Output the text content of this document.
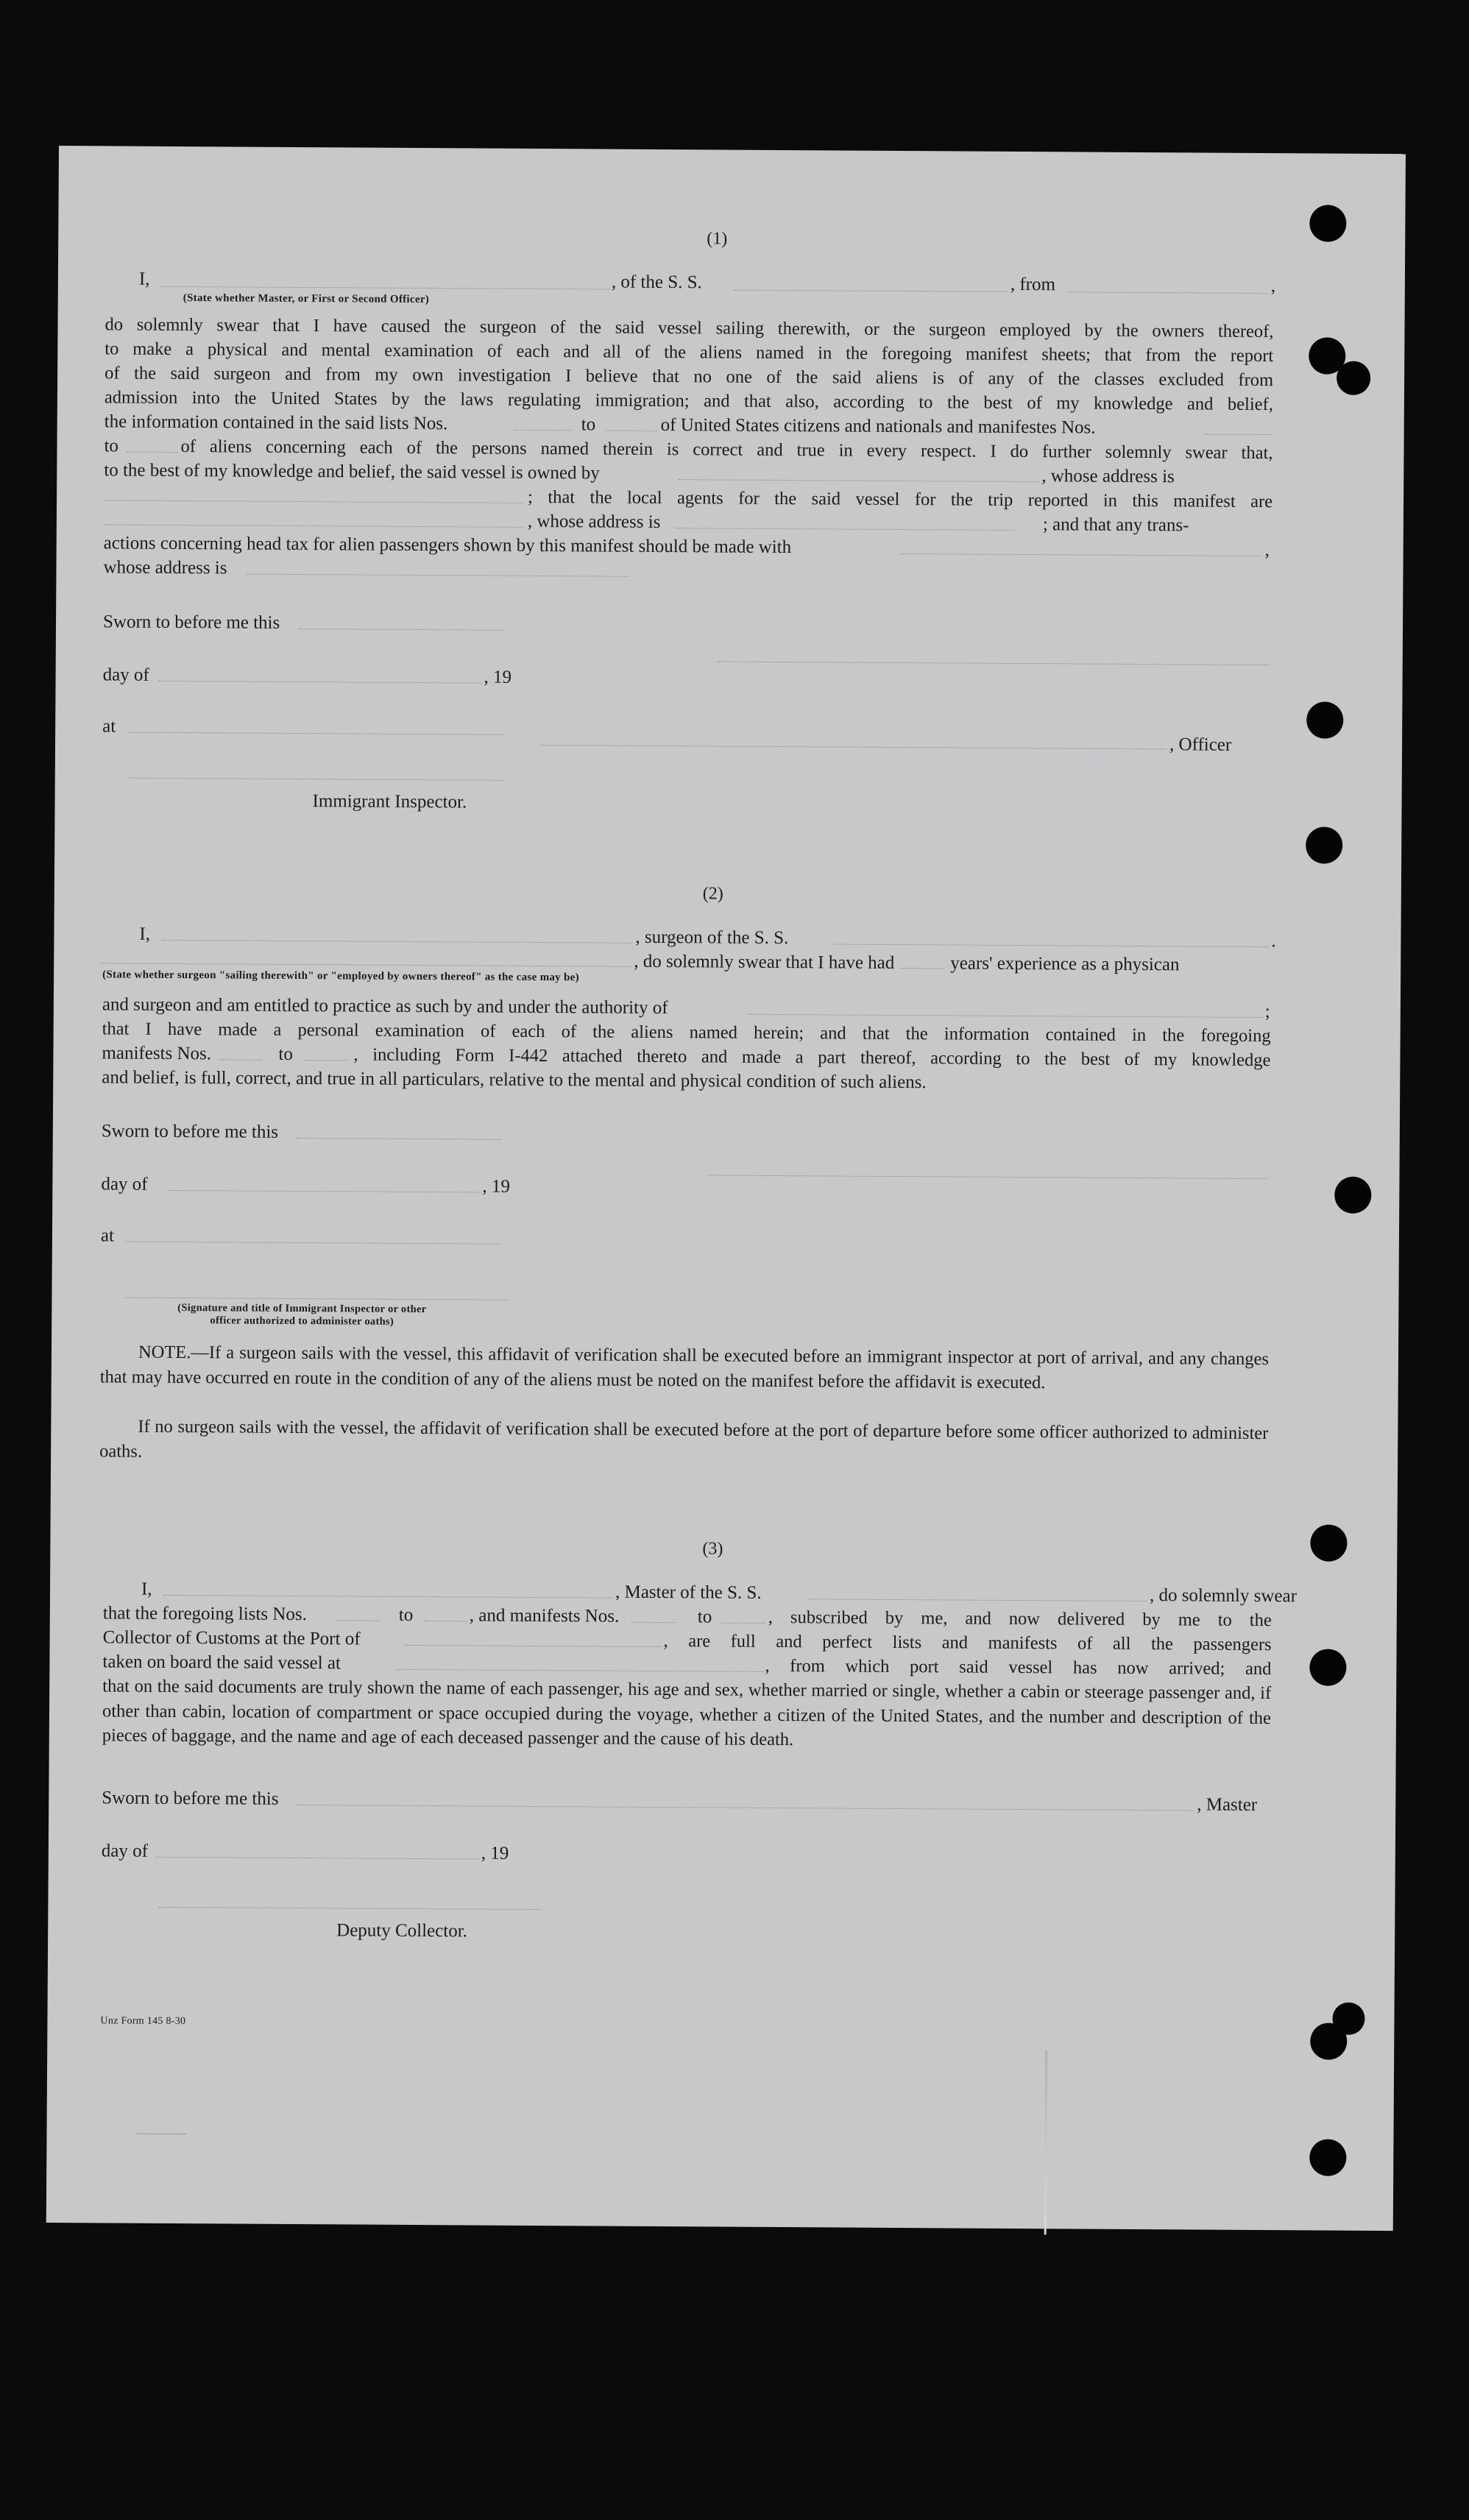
(1)
I,	, of the S. S.	, from	,
(State whether Master, or First or Second Officer)
do solemnly swear that I have caused the surgeon of the said vessel sailing therewith, or the surgeon employed by the owners thereof,
to make a physical and mental examination of each and all of the aliens named in the foregoing manifest sheets; that from the report
of the said surgeon and from my own investigation I believe that no one of the said aliens is of any of the classes excluded from
admission into the United States by the laws regulating immigration; and that also, according to the best of my knowledge and belief,
the information contained in the said lists Nos.	to	of United States citizens and nationals and manifestes Nos.
to	of aliens concerning each of the persons named therein is correct and true in every respect. I do further solemnly swear that,
to the best of my knowledge and belief, the said vessel is owned by	, whose address is
; that the local agents for the said vessel for the trip reported in this manifest are
, whose address is	; and that any trans-
actions concerning head tax for alien passengers shown by this manifest should be made with	,
whose address is
Sworn to before me this
day of	, 19
at
, Officer
Immigrant Inspector.
(2)
I,	, surgeon of the S. S.	.
, do solemnly swear that I have had	years' experience as a physican
(State whether surgeon "sailing therewith" or "employed by owners thereof" as the case may be)
and surgeon and am entitled to practice as such by and under the authority of	;
that I have made a personal examination of each of the aliens named herein; and that the information contained in the foregoing
manifests Nos.	to	, including Form I-442 attached thereto and made a part thereof, according to the best of my knowledge
and belief, is full, correct, and true in all particulars, relative to the mental and physical condition of such aliens.
Sworn to before me this
day of	, 19
at
(Signature and title of Immigrant Inspector or other
officer authorized to administer oaths)
NOTE.—If a surgeon sails with the vessel, this affidavit of verification shall be executed before an immigrant inspector at port of arrival, and any changes that may have occurred en route in the condition of any of the aliens must be noted on the manifest before the affidavit is executed.
If no surgeon sails with the vessel, the affidavit of verification shall be executed before at the port of departure before some officer authorized to administer oaths.
(3)
I,	, Master of the S. S.	, do solemnly swear
that the foregoing lists Nos.	to	, and manifests Nos.	to	, subscribed by me, and now delivered by me to the
Collector of Customs at the Port of	, are full and perfect lists and manifests of all the passengers
taken on board the said vessel at	, from which port said vessel has now arrived; and
that on the said documents are truly shown the name of each passenger, his age and sex, whether married or single, whether a cabin or steerage passenger and, if other than cabin, location of compartment or space occupied during the voyage, whether a citizen of the United States, and the number and description of the pieces of baggage, and the name and age of each deceased passenger and the cause of his death.
Sworn to before me this	, Master
day of	, 19
Deputy Collector.
Unz Form 145 8-30
